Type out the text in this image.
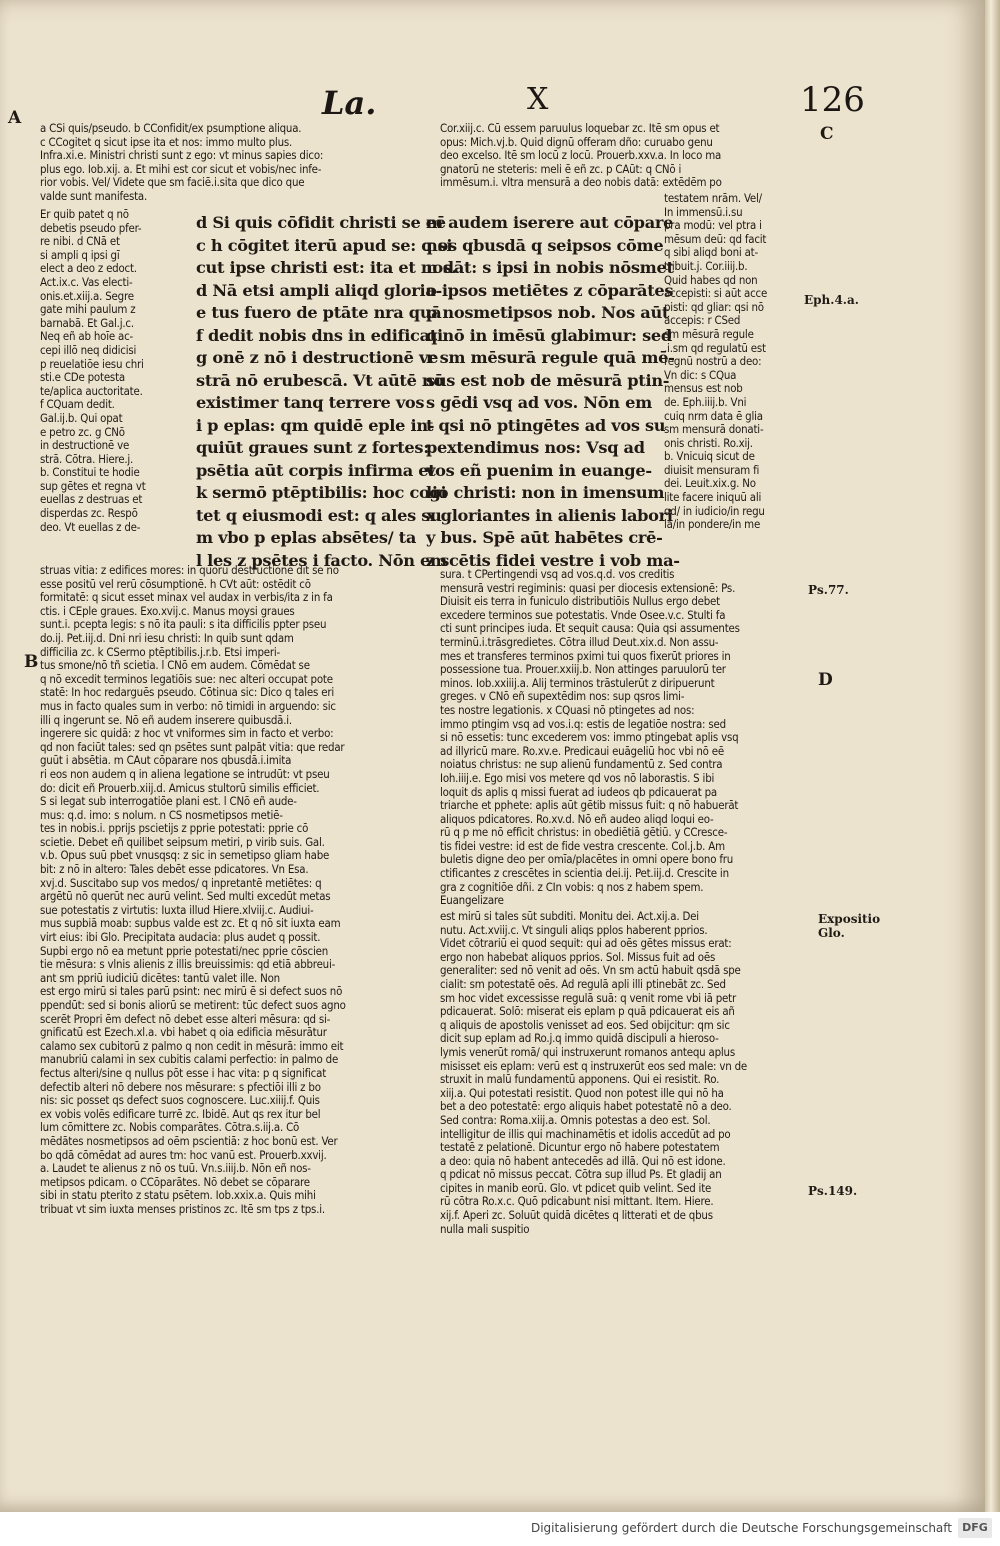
La.	X	126
A
B
C
D
Eph.4.a.
Ps.77.
Expositio
Glo.
Ps.149.

a CSi quis/pseudo. b CConfidit/ex psumptione aliqua.

c CCogitet q sicut ipse ita et nos: immo multo plus.

Infra.xi.e. Ministri christi sunt z ego: vt minus sapies dico:

plus ego. Iob.xij. a. Et mihi est cor sicut et vobis/nec infe-

rior vobis. Vel/ Videte que sm faciē.i.sita que dico que

valde sunt manifesta.

Er quib patet q nō

debetis pseudo pfer-

re nibi. d CNā et

si ampli q ipsi gī

elect a deo z edoct.

Act.ix.c. Vas electi-

onis.et.xiij.a. Segre

gate mihi paulum z

barnabā. Et Gal.j.c.

Neq eñ ab hoīe ac-

cepi illō neq didicisi

p reuelatiōe iesu chri

sti.e CDe potesta

te/aplica auctoritate.

f CQuam dedit.

Gal.ij.b. Qui opat

e petro zc. g CNō

in destructionē ve

strā. Cōtra. Hiere.j.

b. Constitui te hodie

sup gētes et regna vt

euellas z destruas et

disperdas zc. Respō

deo. Vt euellas z de-

d Si quis cōfidit christi se eē

c h cōgitet iterū apud se: q si

cut ipse christi est: ita et nos.

d Nā etsi ampli aliqd gloria-

e tus fuero de ptāte nra quā

f dedit nobis dns in edificati

g onē z nō i destructionē ve

strā nō erubescā. Vt aūtē nō

existimer tanq terrere vos

i p eplas: qm quidē eple in-

quiūt graues sunt z fortes:

psētia aūt corpis infirma et

k sermō ptēptibilis: hoc cogi

tet q eiusmodi est: q ales su

m vbo p eplas absētes/ ta

l les z psētes i facto. Nōn em

m audem iserere aut cōpare

nos qbusdā q seipsos cōme

n dāt: s ipsi in nobis nōsmet

o ipsos metiētes z cōparātes

p nosmetipsos nob. Nos aūt

q nō in imēsū glabimur: sed

r sm mēsurā regule quā mē-

sus est nob de mēsurā ptin-

s gēdi vsq ad vos. Nōn em

t qsi nō ptingētes ad vos su

pextendimus nos: Vsq ad

vos eñ puenim in euange-

lio christi: non in imensum

x gloriantes in alienis labori

y bus. Spē aūt habētes crē-

z scētis fidei vestre i vob ma-

Cor.xiij.c. Cū essem paruulus loquebar zc. Itē sm opus et

opus: Mich.vj.b. Quid dignū offeram dño: curuabo genu

deo excelso. Itē sm locū z locū. Prouerb.xxv.a. In loco ma

gnatorū ne steteris: meli ē eñ zc. p CAūt: q CNō i

immēsum.i. vltra mensurā a deo nobis datā: extēdēm po

testatem nrām. Vel/

In immensū.i.su

pra modū: vel ptra i

mēsum deū: qd facit

q sibi aliqd boni at-

tribuit.j. Cor.iiij.b.

Quid habes qd non

accepisti: si aūt acce

pisti: qd gliar: qsi nō

accepis: r CSed

sm mēsurā regule

.i.sm qd regulatū est

regnū nostrū a deo:

Vn dic: s CQua

mensus est nob

de. Eph.iiij.b. Vni

cuiq nrm data ē glia

sm mensurā donati-

onis christi. Ro.xij.

b. Vnicuiq sicut de

diuisit mensuram fi

dei. Leuit.xix.g. No

lite facere iniquū ali

qd/ in iudicio/in regu

la/in pondere/in me

sura. t CPertingendi vsq ad vos.q.d. vos creditis

mensurā vestri regiminis: quasi per diocesis extensionē: Ps.

Diuisit eis terra in funiculo distributiōis Nullus ergo debet

excedere terminos sue potestatis. Vnde Osee.v.c. Stulti fa

cti sunt principes iuda. Et sequit causa: Quia qsi assumentes

terminū.i.trāsgredietes. Cōtra illud Deut.xix.d. Non assu-

mes et transferes terminos pximi tui quos fixerūt priores in

possessione tua. Prouer.xxiij.b. Non attinges paruulorū ter

minos. Iob.xxiiij.a. Alij terminos trāstulerūt z diripuerunt

greges. v CNō eñ supextēdim nos: sup qsros limi-

tes nostre legationis. x CQuasi nō ptingetes ad nos:

immo ptingim vsq ad vos.i.q: estis de legatiōe nostra: sed

si nō essetis: tunc excederem vos: immo ptingebat aplis vsq

ad illyricū mare. Ro.xv.e. Predicaui euāgeliū hoc vbi nō eē

noiatus christus: ne sup alienū fundamentū z. Sed contra

Ioh.iiij.e. Ego misi vos metere qd vos nō laborastis. S ibi

loquit ds aplis q missi fuerat ad iudeos qb pdicauerat pa

triarche et pphete: aplis aūt gētib missus fuit: q nō habuerāt

aliquos pdicatores. Ro.xv.d. Nō eñ audeo aliqd loqui eo-

rū q p me nō efficit christus: in obediētiā gētiū. y CCresce-

tis fidei vestre: id est de fide vestra crescente. Col.j.b. Am

buletis digne deo per omīa/placētes in omni opere bono fru

ctificantes z crescētes in scientia dei.ij. Pet.iij.d. Crescite in

gra z cognitiōe dñi. z CIn vobis: q nos z habem spem.

Euangelizare

struas vitia: z edifices mores: in quorū destructionē dīt se nō

esse positū vel rerū cōsumptionē. h CVt aūt: ostēdit cō

formitatē: q sicut esset minax vel audax in verbis/ita z in fa

ctis. i CEple graues. Exo.xvij.c. Manus moysi graues

sunt.i. pcepta legis: s nō ita pauli: s ita difficilis ppter pseu

do.ij. Pet.iij.d. Dni nri iesu christi: In quib sunt qdam

difficilia zc. k CSermo ptēptibilis.j.r.b. Etsi imperi-

tus smone/nō tñ scietia. l CNō em audem. Cōmēdat se

q nō excedit terminos legatiōis sue: nec alteri occupat pote

statē: In hoc redarguēs pseudo. Cōtinua sic: Dico q tales eri

mus in facto quales sum in verbo: nō timidi in arguendo: sic

illi q ingerunt se. Nō eñ audem inserere quibusdā.i.

ingerere sic quidā: z hoc vt vniformes sim in facto et verbo:

qd non faciūt tales: sed qn psētes sunt palpāt vitia: que redar

guūt i absētia. m CAut cōparare nos qbusdā.i.imita

ri eos non audem q in aliena legatione se intrudūt: vt pseu

do: dicit eñ Prouerb.xiij.d. Amicus stultorū similis efficiet.

S si legat sub interrogatiōe plani est. l CNō eñ aude-

mus: q.d. imo: s nolum. n CS nosmetipsos metiē-

tes in nobis.i. pprijs pscietijs z pprie potestati: pprie cō

scietie. Debet eñ quilibet seipsum metiri, p virib suis. Gal.

v.b. Opus suū pbet vnusqsq: z sic in semetipso gliam habe

bit: z nō in altero: Tales debēt esse pdicatores. Vn Esa.

xvj.d. Suscitabo sup vos medos/ q inpretantē metiētes: q

argētū nō querūt nec aurū velint. Sed multi excedūt metas

sue potestatis z virtutis: Iuxta illud Hiere.xlviij.c. Audiui-

mus supbiā moab: supbus valde est zc. Et q nō sit iuxta eam

virt eius: ibi Glo. Precipitata audacia: plus audet q possit.

Supbi ergo nō ea metunt pprie potestati/nec pprie cōscien

tie mēsura: s vlnis alienis z illis breuissimis: qd etiā abbreui-

ant sm ppriū iudiciū dicētes: tantū valet ille. Non

est ergo mirū si tales parū psint: nec mirū ē si defect suos nō

ppendūt: sed si bonis aliorū se metirent: tūc defect suos agno

scerēt Propri ēm defect nō debet esse alteri mēsura: qd si-

gnificatū est Ezech.xl.a. vbi habet q oia edificia mēsurātur

calamo sex cubitorū z palmo q non cedit in mēsurā: immo eit

manubriū calami in sex cubitis calami perfectio: in palmo de

fectus alteri/sine q nullus pōt esse i hac vita: p q significat

defectib alteri nō debere nos mēsurare: s pfectiōi illi z bo

nis: sic posset qs defect suos cognoscere. Luc.xiiij.f. Quis

ex vobis volēs edificare turrē zc. Ibidē. Aut qs rex itur bel

lum cōmittere zc. Nobis comparātes. Cōtra.s.iij.a. Cō

mēdātes nosmetipsos ad oēm pscientiā: z hoc bonū est. Ver

bo qdā cōmēdat ad aures tm: hoc vanū est. Prouerb.xxvij.

a. Laudet te alienus z nō os tuū. Vn.s.iiij.b. Nōn eñ nos-

metipsos pdicam. o CCōparātes. Nō debet se cōparare

sibi in statu pterito z statu psētem. Iob.xxix.a. Quis mihi

tribuat vt sim iuxta menses pristinos zc. Itē sm tps z tps.i.

est mirū si tales sūt subditi. Monitu dei. Act.xij.a. Dei

nutu. Act.xviij.c. Vt singuli aliqs pplos haberent pprios.

Videt cōtrariū ei quod sequit: qui ad oēs gētes missus erat:

ergo non habebat aliquos pprios. Sol. Missus fuit ad oēs

generaliter: sed nō venit ad oēs. Vn sm actū habuit qsdā spe

cialit: sm potestatē oēs. Ad regulā apli illi ptinebāt zc. Sed

sm hoc videt excessisse regulā suā: q venit rome vbi iā petr

pdicauerat. Solō: miserat eis eplam p quā pdicauerat eis añ

q aliquis de apostolis venisset ad eos. Sed obijcitur: qm sic

dicit sup eplam ad Ro.j.q immo quidā discipuli a hieroso-

lymis venerūt romā/ qui instruxerunt romanos antequ aplus

misisset eis eplam: verū est q instruxerūt eos sed male: vn de

struxit in malū fundamentū apponens. Qui ei resistit. Ro.

xiij.a. Qui potestati resistit. Quod non potest ille qui nō ha

bet a deo potestatē: ergo aliquis habet potestatē nō a deo.

Sed contra: Roma.xiij.a. Omnis potestas a deo est. Sol.

intelligitur de illis qui machinamētis et idolis accedūt ad po

testatē z pelationē. Dicuntur ergo nō habere potestatem

a deo: quia nō habent antecedēs ad illā. Qui nō est idone.

q pdicat nō missus peccat. Cōtra sup illud Ps. Et gladij an

cipites in manib eorū. Glo. vt pdicet quib velint. Sed ite

rū cōtra Ro.x.c. Quō pdicabunt nisi mittant. Item. Hiere.

xij.f. Aperi zc. Soluūt quidā dicētes q litterati et de qbus

nulla mali suspitio

Digitalisierung gefördert durch die Deutsche Forschungsgemeinschaft DFG
